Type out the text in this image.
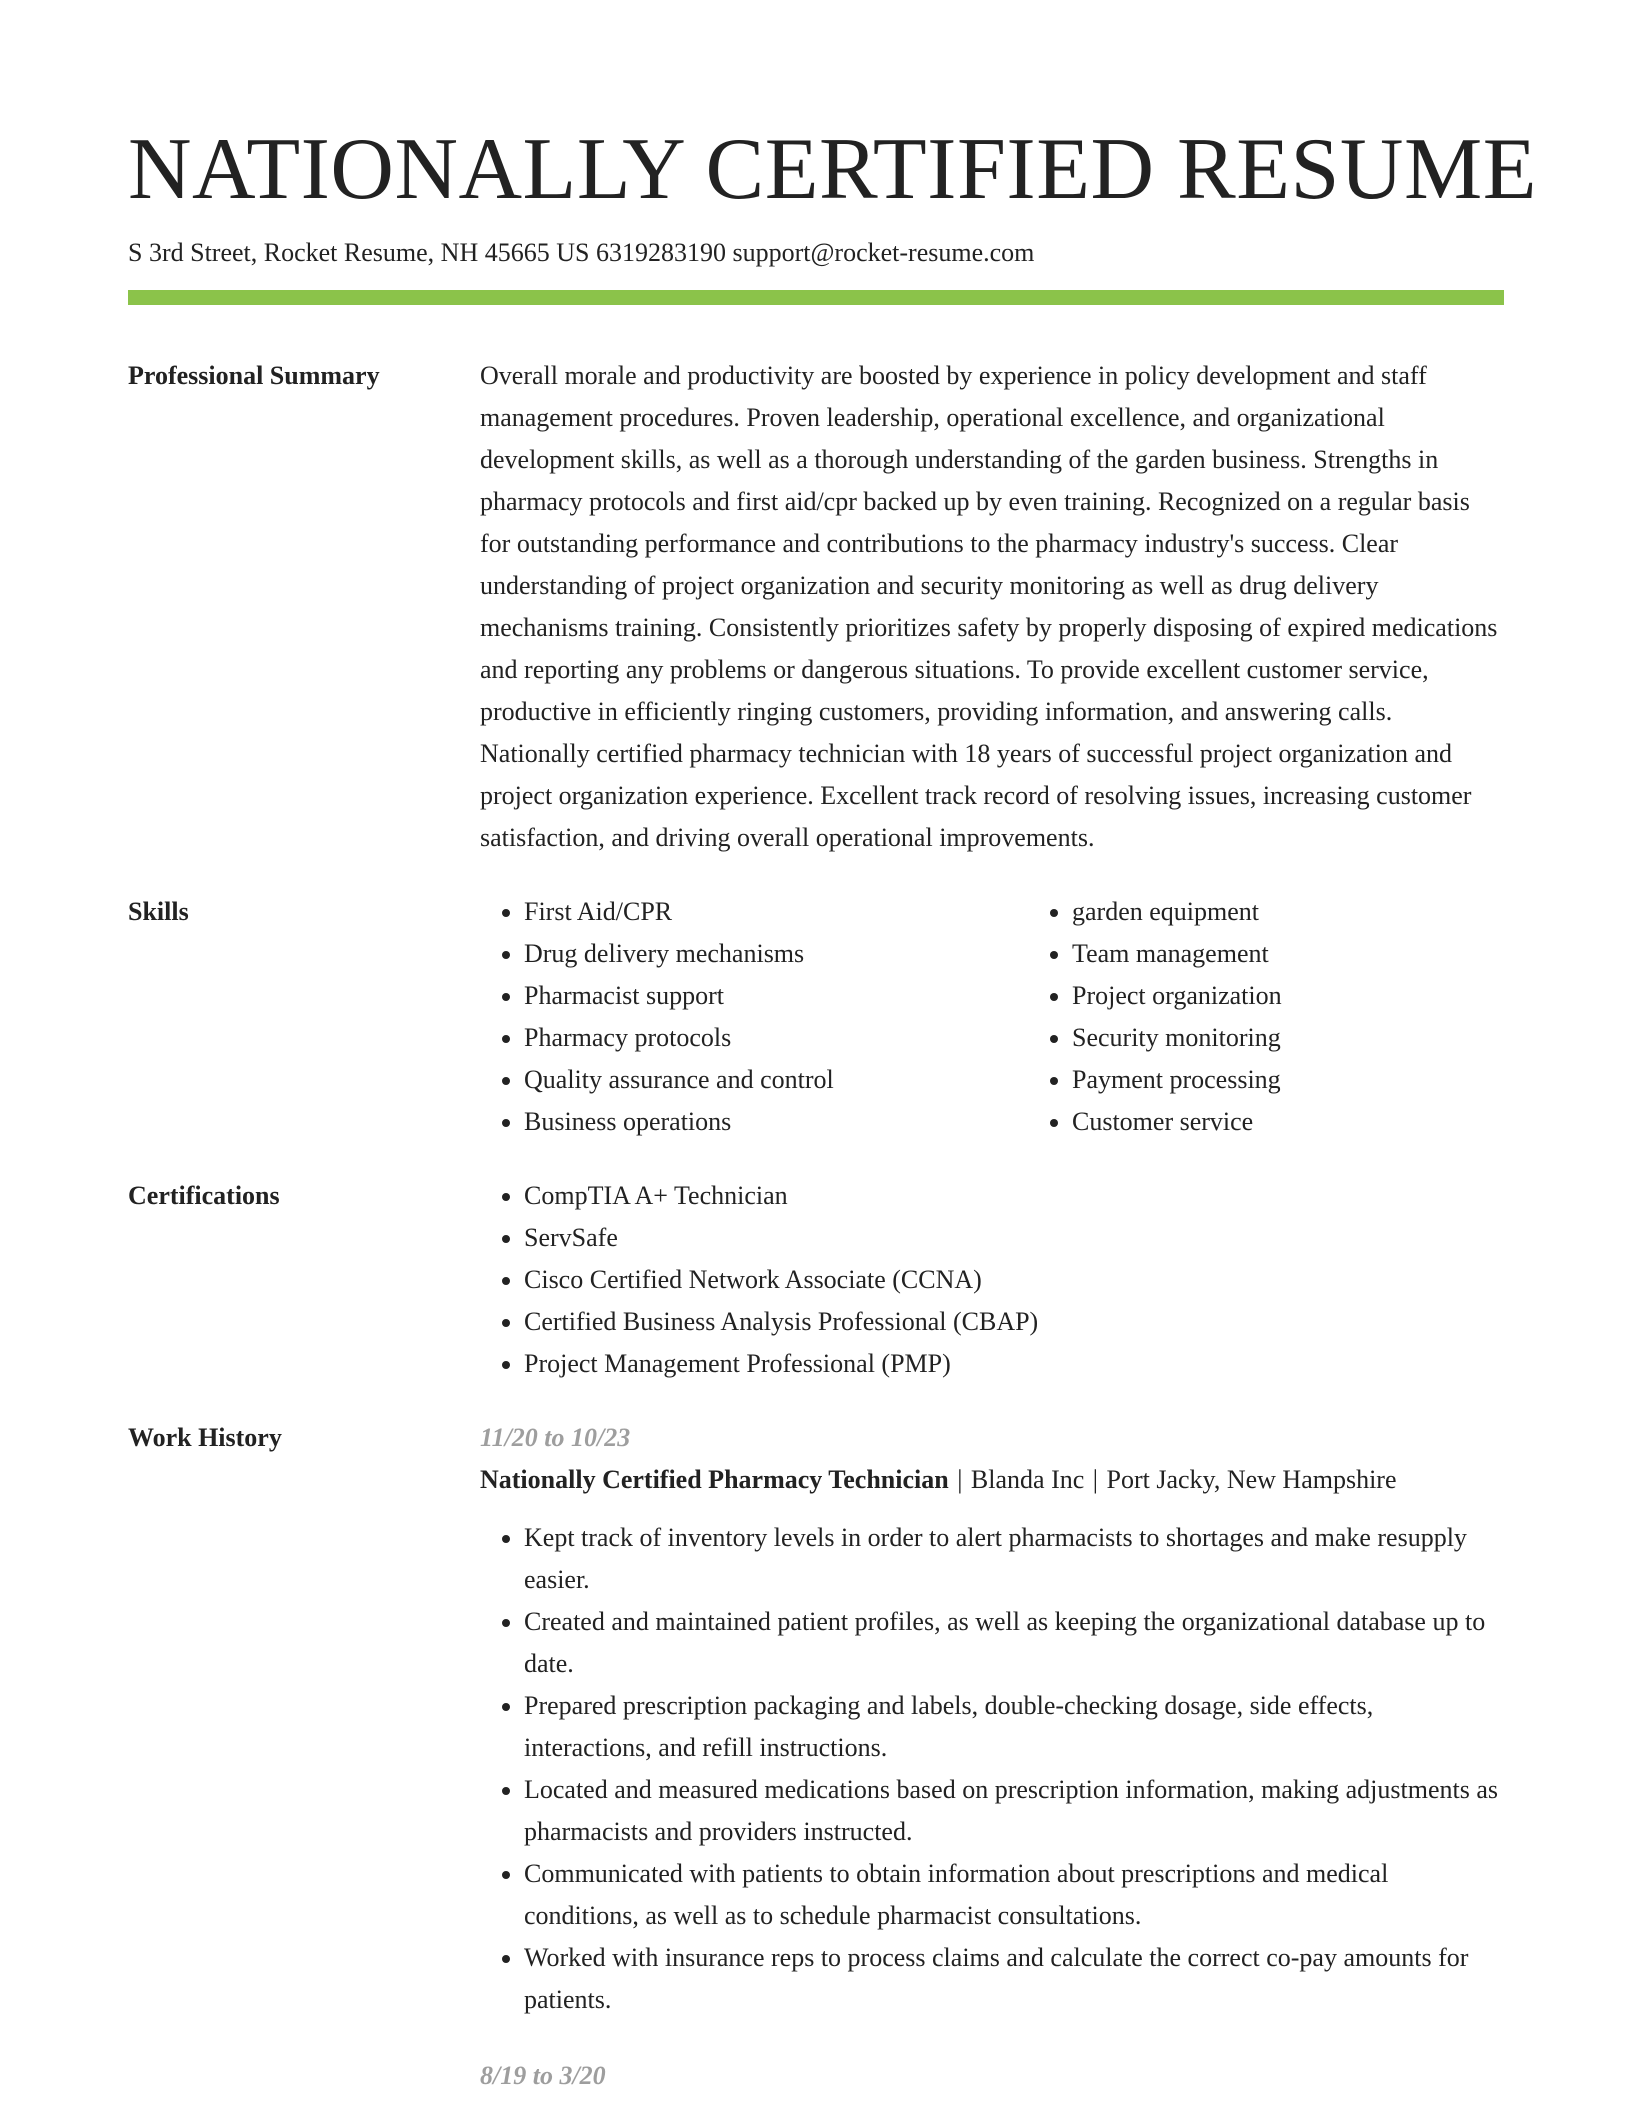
NATIONALLY CERTIFIED RESUME
S 3rd Street, Rocket Resume, NH 45665 US 6319283190 support@rocket-resume.com
Professional Summary	Overall morale and productivity are boosted by experience in policy development and staff management procedures. Proven leadership, operational excellence, and organizational development skills, as well as a thorough understanding of the garden business. Strengths in pharmacy protocols and first aid/cpr backed up by even training. Recognized on a regular basis for outstanding performance and contributions to the pharmacy industry's success. Clear understanding of project organization and security monitoring as well as drug delivery mechanisms training. Consistently prioritizes safety by properly disposing of expired medications and reporting any problems or dangerous situations. To provide excellent customer service, productive in efficiently ringing customers, providing information, and answering calls. Nationally certified pharmacy technician with 18 years of successful project organization and project organization experience. Excellent track record of resolving issues, increasing customer satisfaction, and driving overall operational improvements.

Skills	• First Aid/CPR
• Drug delivery mechanisms
• Pharmacist support
• Pharmacy protocols
• Quality assurance and control
• Business operations
• garden equipment
• Team management
• Project organization
• Security monitoring
• Payment processing
• Customer service
Certifications	• CompTIA A+ Technician
• ServSafe
• Cisco Certified Network Associate (CCNA)
• Certified Business Analysis Professional (CBAP)
• Project Management Professional (PMP)
Work History	11/20 to 10/23
Nationally Certified Pharmacy Technician | Blanda Inc | Port Jacky, New Hampshire
• Kept track of inventory levels in order to alert pharmacists to shortages and make resupply easier.
• Created and maintained patient profiles, as well as keeping the organizational database up to date.
• Prepared prescription packaging and labels, double-checking dosage, side effects, interactions, and refill instructions.
• Located and measured medications based on prescription information, making adjustments as pharmacists and providers instructed.
• Communicated with patients to obtain information about prescriptions and medical conditions, as well as to schedule pharmacist consultations.
• Worked with insurance reps to process claims and calculate the correct co-pay amounts for patients.
8/19 to 3/20
